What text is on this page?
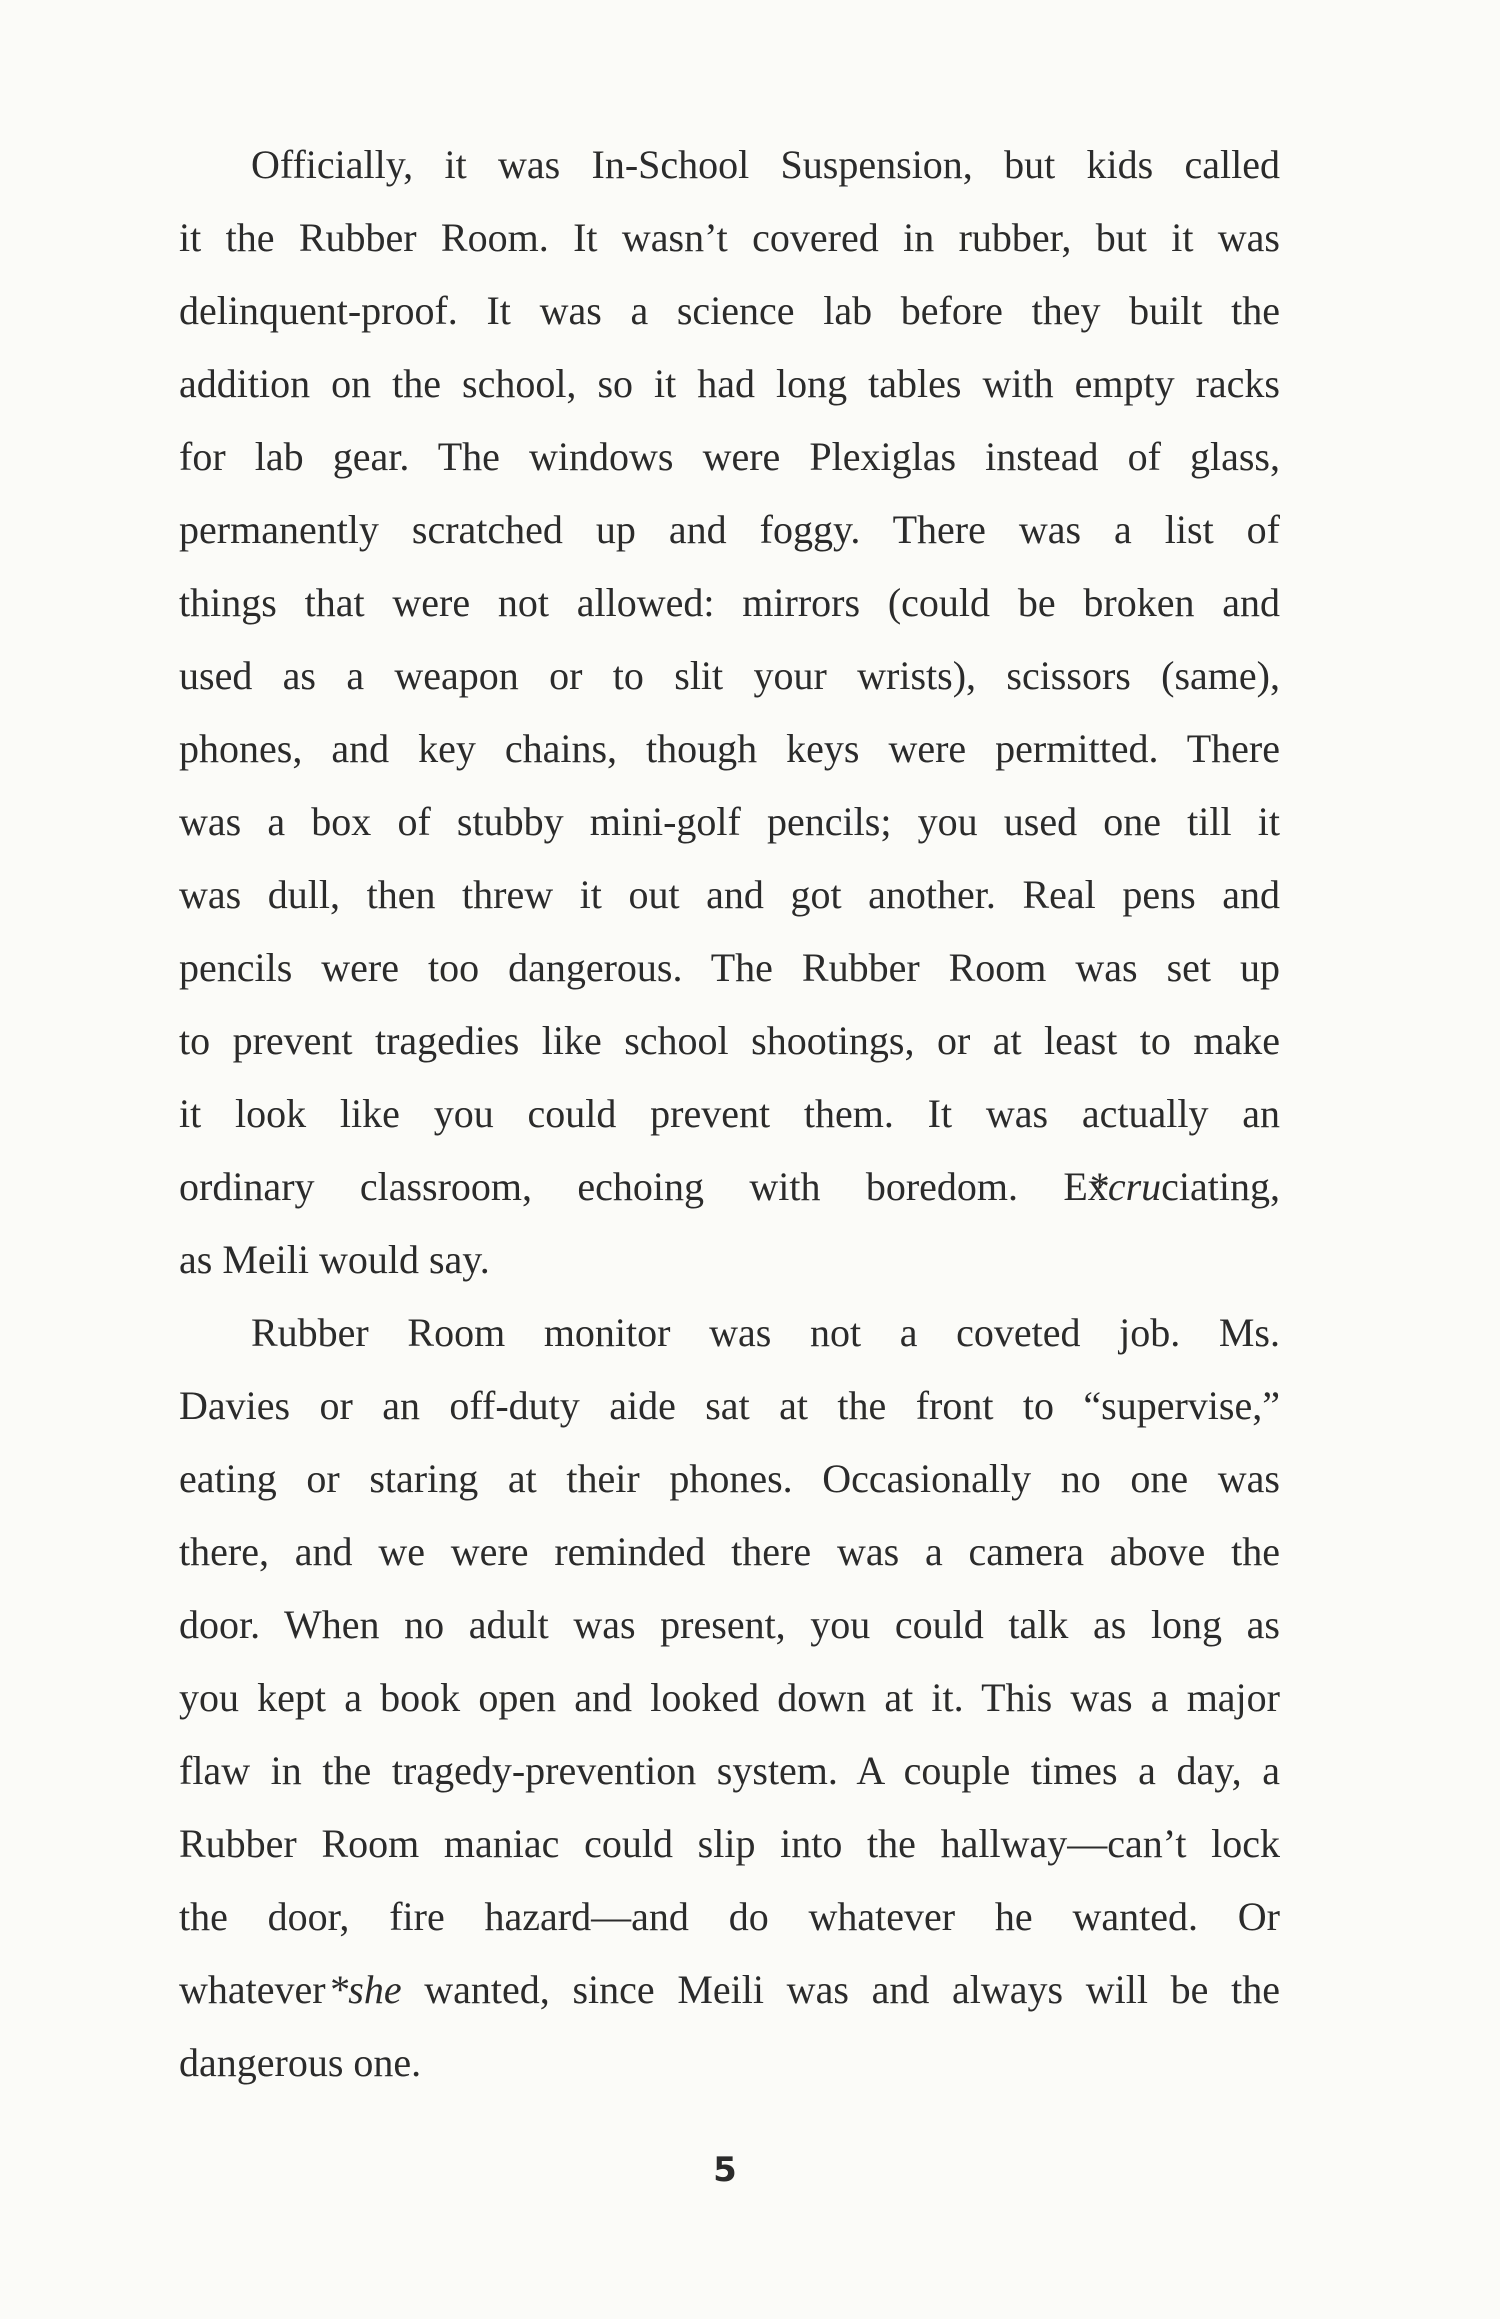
Officially, it was In-School Suspension, but kids called
it the Rubber Room. It wasn’t covered in rubber, but it was
delinquent-proof. It was a science lab before they built the
addition on the school, so it had long tables with empty racks
for lab gear. The windows were Plexiglas instead of glass,
permanently scratched up and foggy. There was a list of
things that were not allowed: mirrors (could be broken and
used as a weapon or to slit your wrists), scissors (same),
phones, and key chains, though keys were permitted. There
was a box of stubby mini-golf pencils; you used one till it
was dull, then threw it out and got another. Real pens and
pencils were too dangerous. The Rubber Room was set up
to prevent tragedies like school shootings, or at least to make
it look like you could prevent them. It was actually an
ordinary classroom, echoing with boredom. Ex*cruciating,
as Meili would say.
Rubber Room monitor was not a coveted job. Ms.
Davies or an off-duty aide sat at the front to “supervise,”
eating or staring at their phones. Occasionally no one was
there, and we were reminded there was a camera above the
door. When no adult was present, you could talk as long as
you kept a book open and looked down at it. This was a major
flaw in the tragedy-prevention system. A couple times a day, a
Rubber Room maniac could slip into the hallway—can’t lock
the door, fire hazard—and do whatever he wanted. Or
whatever *she wanted, since Meili was and always will be the
dangerous one.
5
